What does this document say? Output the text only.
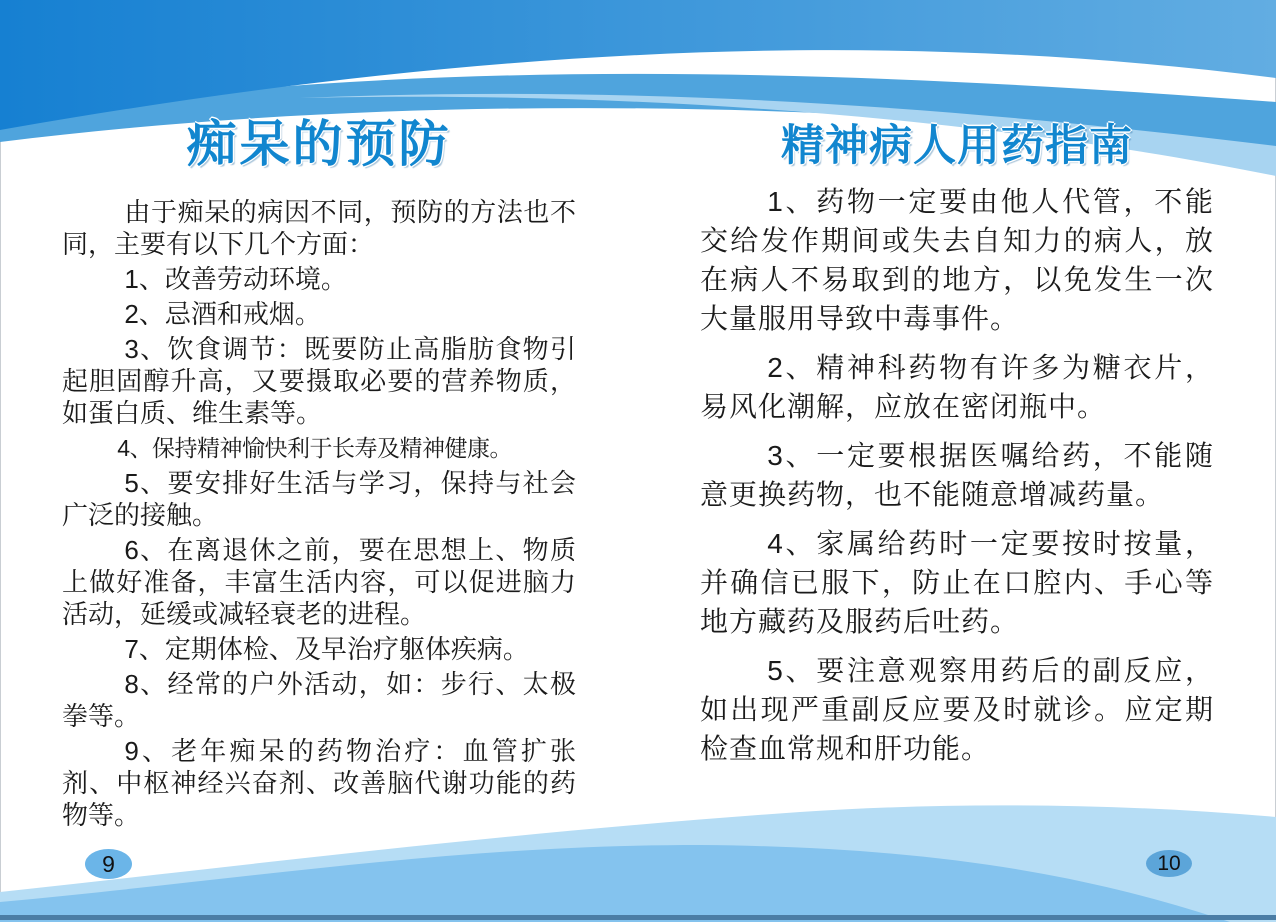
痴呆的预防

由于痴呆的病因不同，预防的方法也不同，主要有以下几个方面：

1、改善劳动环境。

2、忌酒和戒烟。

3、饮食调节：既要防止高脂肪食物引起胆固醇升高，又要摄取必要的营养物质，如蛋白质、维生素等。

4、保持精神愉快利于长寿及精神健康。

5、要安排好生活与学习，保持与社会广泛的接触。

6、在离退休之前，要在思想上、物质上做好准备，丰富生活内容，可以促进脑力活动，延缓或减轻衰老的进程。

7、定期体检、及早治疗躯体疾病。

8、经常的户外活动，如：步行、太极拳等。

9、老年痴呆的药物治疗：血管扩张剂、中枢神经兴奋剂、改善脑代谢功能的药物等。

精神病人用药指南

1、药物一定要由他人代管，不能交给发作期间或失去自知力的病人，放在病人不易取到的地方，以免发生一次大量服用导致中毒事件。

2、精神科药物有许多为糖衣片，易风化潮解，应放在密闭瓶中。

3、一定要根据医嘱给药，不能随意更换药物，也不能随意增减药量。

4、家属给药时一定要按时按量，并确信已服下，防止在口腔内、手心等地方藏药及服药后吐药。

5、要注意观察用药后的副反应，如出现严重副反应要及时就诊。应定期检查血常规和肝功能。

9	10
